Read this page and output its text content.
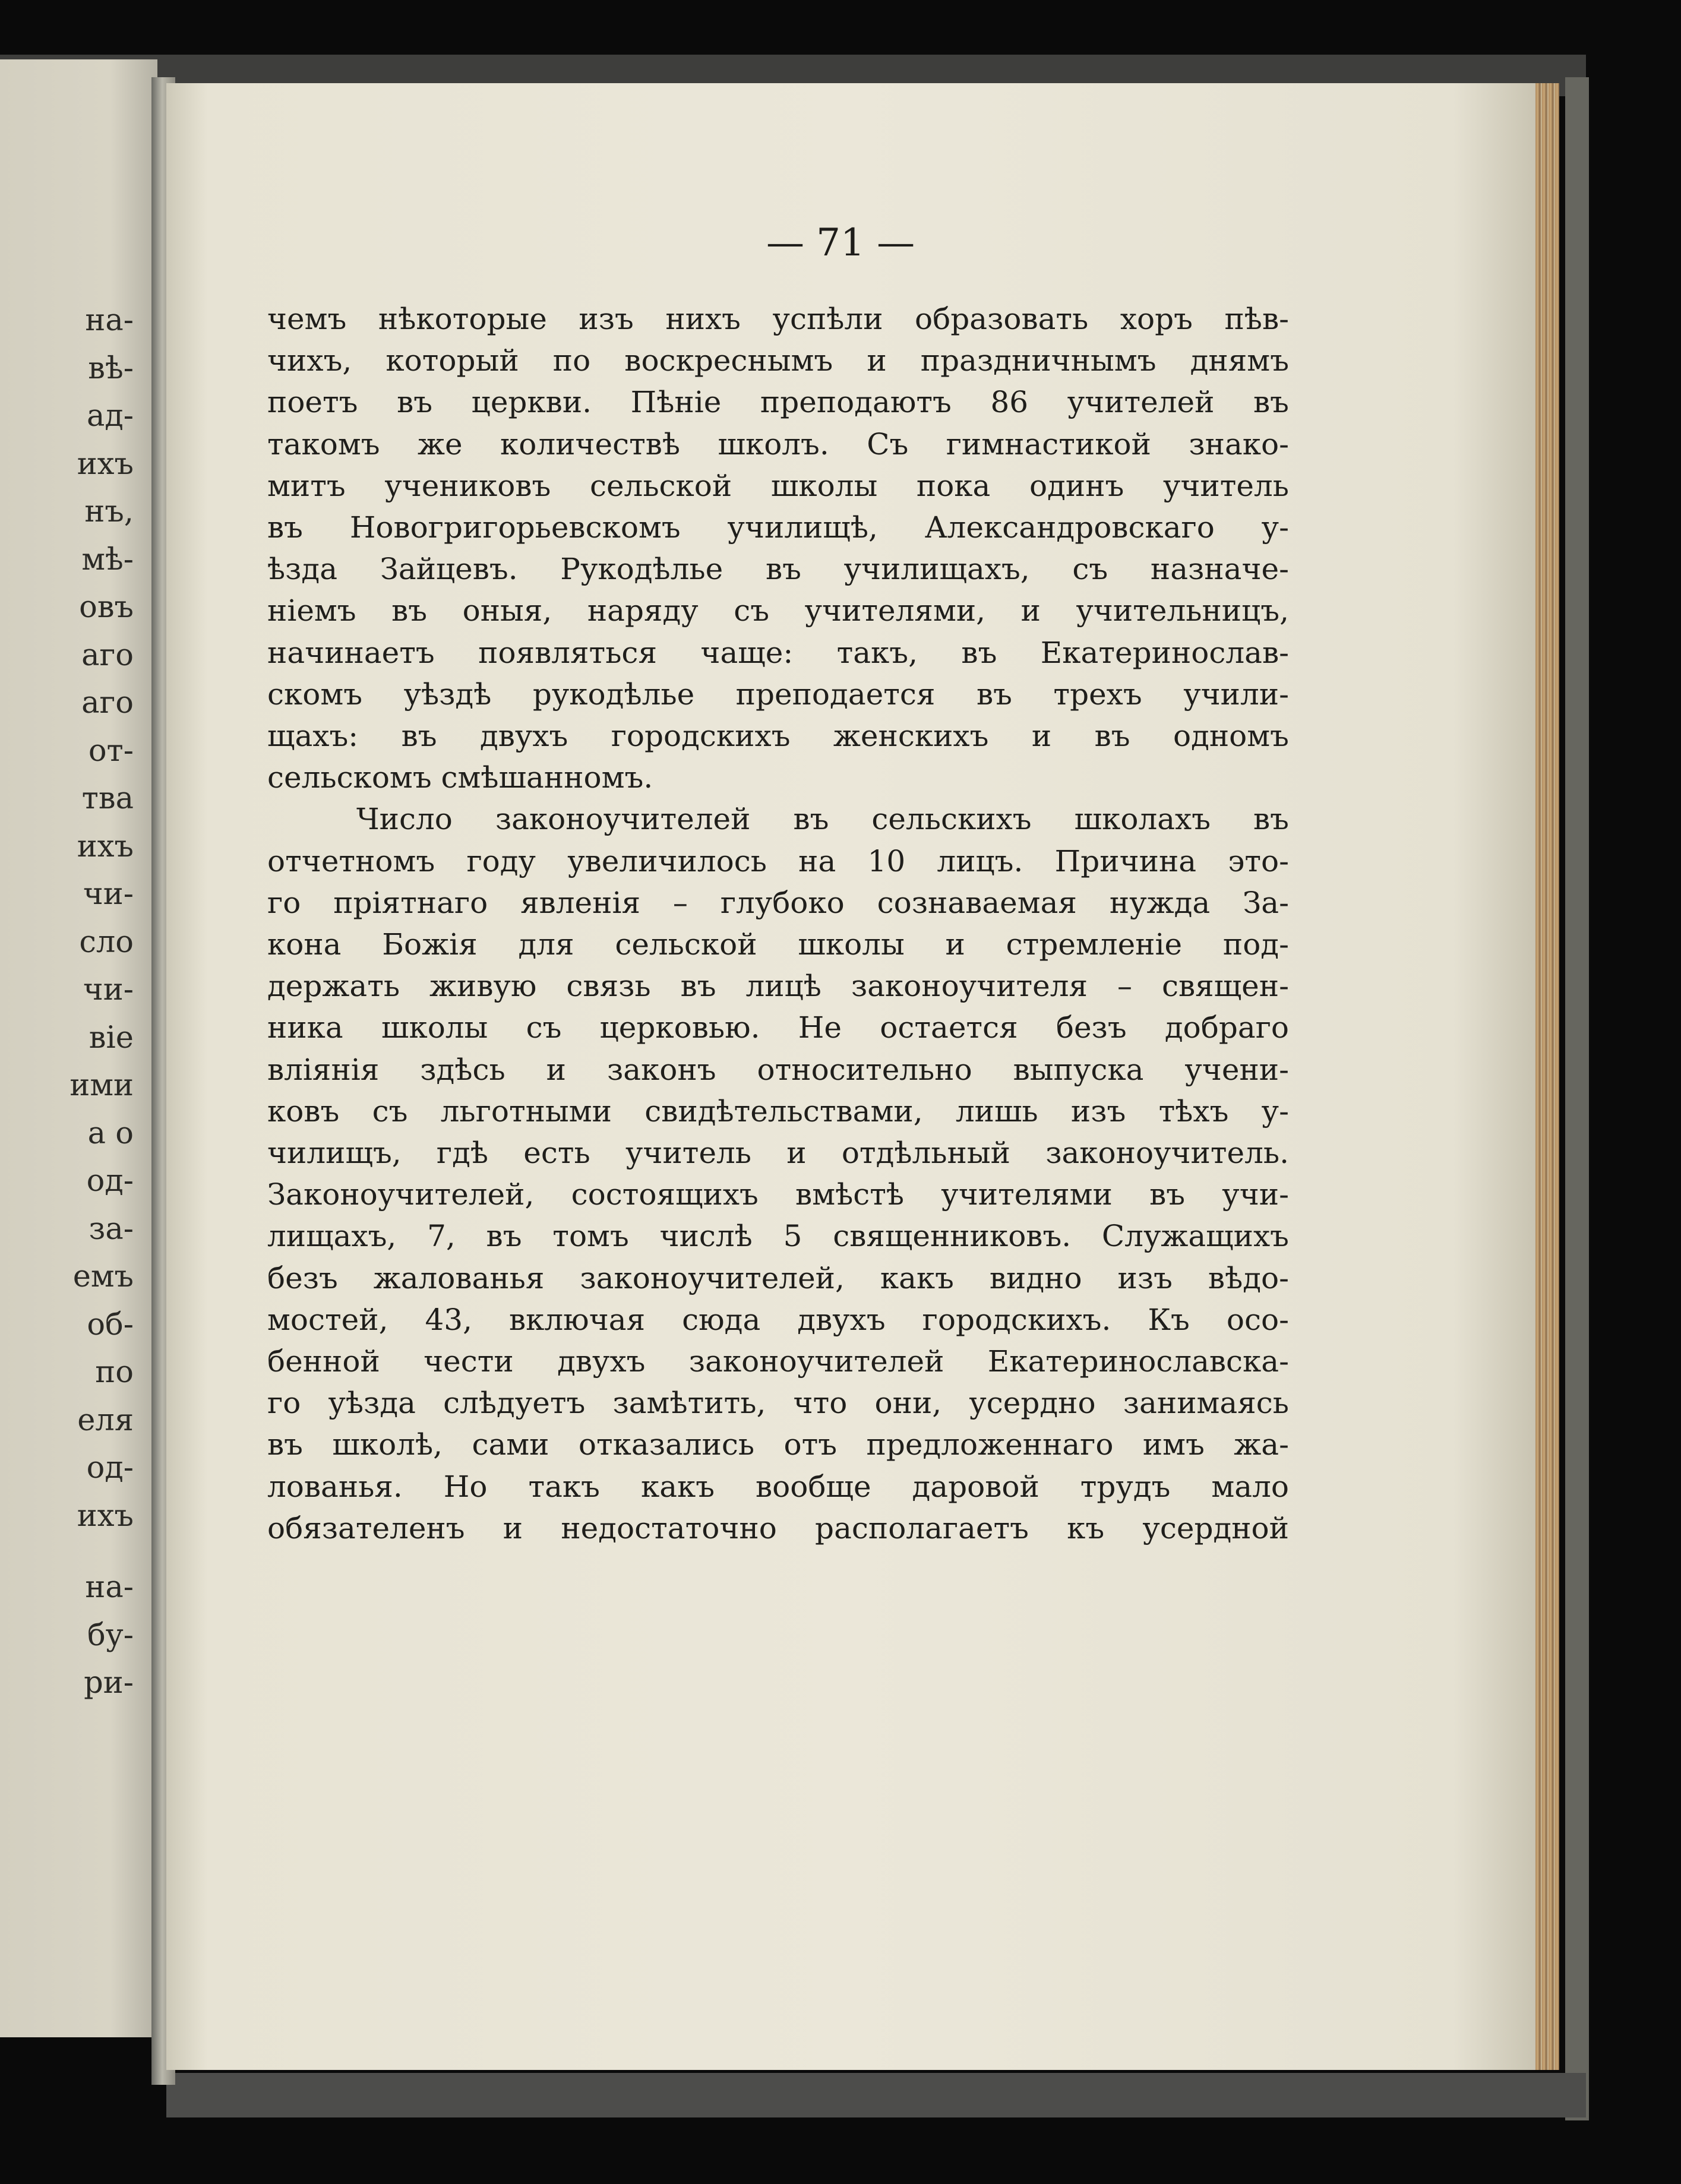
на-
вѣ-
ад-
ихъ
нъ,
мѣ-
овъ
аго
аго
от-
тва
ихъ
чи-
сло
чи-
віе
ими
а о
од-
за-
емъ
об-
по
еля
од-
ихъ
на-
бу-
ри-
— 71 —
чемъ нѣкоторые изъ нихъ успѣли образовать хоръ пѣв-
чихъ, который по воскреснымъ и праздничнымъ днямъ
поетъ въ церкви. Пѣніе преподаютъ 86 учителей въ
такомъ же количествѣ школъ. Съ гимнастикой знако-
митъ учениковъ сельской школы пока одинъ учитель
въ Новогригорьевскомъ училищѣ, Александровскаго у-
ѣзда Зайцевъ. Рукодѣлье въ училищахъ, съ назначе-
ніемъ въ оныя, наряду съ учителями, и учительницъ,
начинаетъ появляться чаще: такъ, въ Екатеринослав-
скомъ уѣздѣ рукодѣлье преподается въ трехъ учили-
щахъ: въ двухъ городскихъ женскихъ и въ одномъ
сельскомъ смѣшанномъ.
Число законоучителей въ сельскихъ школахъ въ
отчетномъ году увеличилось на 10 лицъ. Причина это-
го пріятнаго явленія – глубоко сознаваемая нужда За-
кона Божія для сельской школы и стремленіе под-
держать живую связь въ лицѣ законоучителя – священ-
ника школы съ церковью. Не остается безъ добраго
вліянія здѣсь и законъ относительно выпуска учени-
ковъ съ льготными свидѣтельствами, лишь изъ тѣхъ у-
чилищъ, гдѣ есть учитель и отдѣльный законоучитель.
Законоучителей, состоящихъ вмѣстѣ учителями въ учи-
лищахъ, 7, въ томъ числѣ 5 священниковъ. Служащихъ
безъ жалованья законоучителей, какъ видно изъ вѣдо-
мостей, 43, включая сюда двухъ городскихъ. Къ осо-
бенной чести двухъ законоучителей Екатеринославска-
го уѣзда слѣдуетъ замѣтить, что они, усердно занимаясь
въ школѣ, сами отказались отъ предложеннаго имъ жа-
лованья. Но такъ какъ вообще даровой трудъ мало
обязателенъ и недостаточно располагаетъ къ усердной
